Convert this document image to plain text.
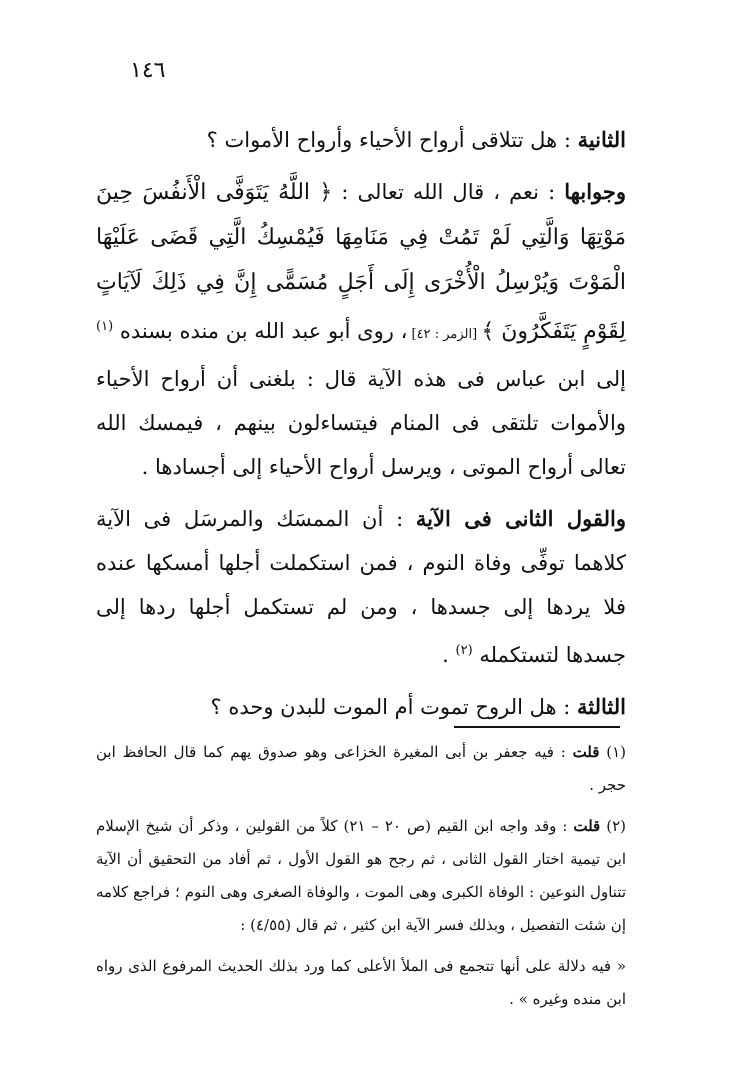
١٤٦

الثانية : هل تتلاقى أرواح الأحياء وأرواح الأموات ؟

وجوابها : نعم ، قال الله تعالى : ﴿ اللَّهُ يَتَوَفَّى الْأَنفُسَ حِينَ مَوْتِهَا وَالَّتِي لَمْ تَمُتْ فِي مَنَامِهَا فَيُمْسِكُ الَّتِي قَضَى عَلَيْهَا الْمَوْتَ وَيُرْسِلُ الْأُخْرَى إِلَى أَجَلٍ مُسَمًّى إِنَّ فِي ذَلِكَ لَآيَاتٍ لِقَوْمٍ يَتَفَكَّرُونَ ﴾ [الزمر : ٤٢] ، روى أبو عبد الله بن منده بسنده $^{(١)}$ إلى ابن عباس فى هذه الآية قال : بلغنى أن أرواح الأحياء والأموات تلتقى فى المنام فيتساءلون بينهم ، فيمسك الله تعالى أرواح الموتى ، ويرسل أرواح الأحياء إلى أجسادها .

والقول الثانى فى الآية : أن الممسَك والمرسَل فى الآية كلاهما توفِّى وفاة النوم ، فمن استكملت أجلها أمسكها عنده فلا يردها إلى جسدها ، ومن لم تستكمل أجلها ردها إلى جسدها لتستكمله $^{(٢)}$ .

الثالثة : هل الروح تموت أم الموت للبدن وحده ؟

(١) قلت : فيه جعفر بن أبى المغيرة الخزاعى وهو صدوق يهم كما قال الحافظ ابن حجر .

(٢) قلت : وقد واجه ابن القيم (ص ٢٠ – ٢١) كلاً من القولين ، وذكر أن شيخ الإسلام ابن تيمية اختار القول الثانى ، ثم رجح هو القول الأول ، ثم أفاد من التحقيق أن الآية تتناول النوعين : الوفاة الكبرى وهى الموت ، والوفاة الصغرى وهى النوم ؛ فراجع كلامه إن شئت التفصيل ، وبذلك فسر الآية ابن كثير ، ثم قال (٤/٥٥) :

« فيه دلالة على أنها تتجمع فى الملأ الأعلى كما ورد بذلك الحديث المرفوع الذى رواه ابن منده وغيره » .
